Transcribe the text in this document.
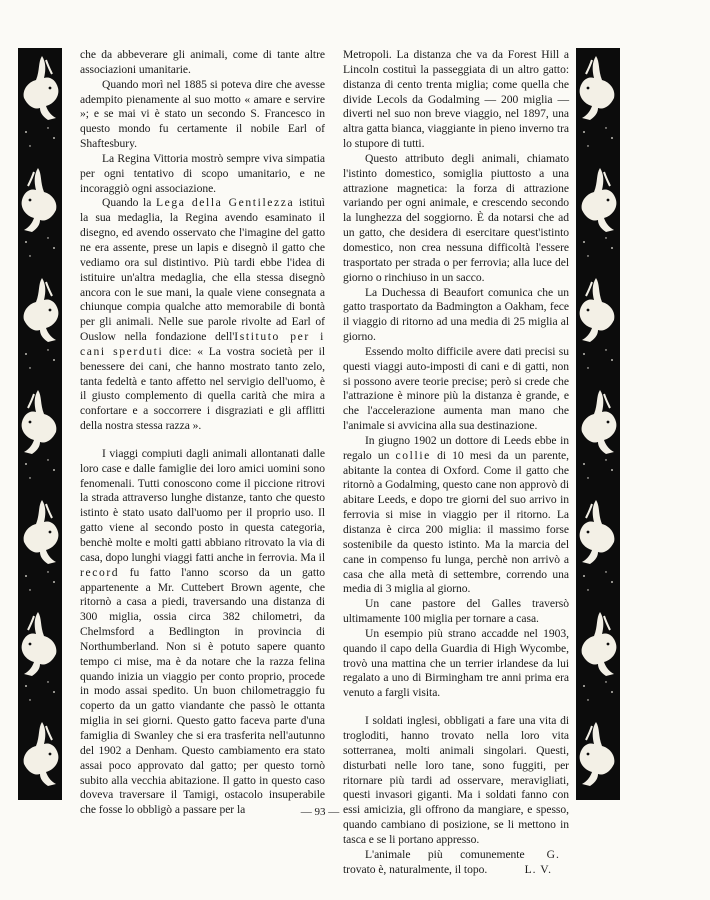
che da abbeverare gli animali, come di tante altre associazioni umanitarie.

Quando morì nel 1885 si poteva dire che avesse adempito pienamente al suo motto « amare e servire »; e se mai vi è stato un secondo S. Francesco in questo mondo fu certamente il nobile Earl of Shaftesbury.

La Regina Vittoria mostrò sempre viva simpatia per ogni tentativo di scopo umanitario, e ne incoraggiò ogni associazione.

Quando la Lega della Gentilezza istituì la sua medaglia, la Regina avendo esaminato il disegno, ed avendo osservato che l'imagine del gatto ne era assente, prese un lapis e disegnò il gatto che vediamo ora sul distintivo. Più tardi ebbe l'idea di istituire un'altra medaglia, che ella stessa disegnò ancora con le sue mani, la quale viene consegnata a chiunque compia qualche atto memorabile di bontà per gli animali. Nelle sue parole rivolte ad Earl of Ouslow nella fondazione dell'Istituto per i cani sperduti dice: « La vostra società per il benessere dei cani, che hanno mostrato tanto zelo, tanta fedeltà e tanto affetto nel servigio dell'uomo, è il giusto complemento di quella carità che mira a confortare e a soccorrere i disgraziati e gli afflitti della nostra stessa razza ».

I viaggi compiuti dagli animali allontanati dalle loro case e dalle famiglie dei loro amici uomini sono fenomenali. Tutti conoscono come il piccione ritrovi la strada attraverso lunghe distanze, tanto che questo istinto è stato usato dall'uomo per il proprio uso. Il gatto viene al secondo posto in questa categoria, benchè molte e molti gatti abbiano ritrovato la via di casa, dopo lunghi viaggi fatti anche in ferrovia. Ma il record fu fatto l'anno scorso da un gatto appartenente a Mr. Cuttebert Brown agente, che ritornò a casa a piedi, traversando una distanza di 300 miglia, ossia circa 382 chilometri, da Chelmsford a Bedlington in provincia di Northumberland. Non si è potuto sapere quanto tempo ci mise, ma è da notare che la razza felina quando inizia un viaggio per conto proprio, procede in modo assai spedito. Un buon chilometraggio fu coperto da un gatto viandante che passò le ottanta miglia in sei giorni. Questo gatto faceva parte d'una famiglia di Swanley che si era trasferita nell'autunno del 1902 a Denham. Questo cambiamento era stato assai poco approvato dal gatto; per questo tornò subito alla vecchia abitazione. Il gatto in questo caso doveva traversare il Tamigi, ostacolo insuperabile che fosse lo obbligò a passare per la

Metropoli. La distanza che va da Forest Hill a Lincoln costituì la passeggiata di un altro gatto: distanza di cento trenta miglia; come quella che divide Lecols da Godalming — 200 miglia — diverti nel suo non breve viaggio, nel 1897, una altra gatta bianca, viaggiante in pieno inverno tra lo stupore di tutti.

Questo attributo degli animali, chiamato l'istinto domestico, somiglia piuttosto a una attrazione magnetica: la forza di attrazione variando per ogni animale, e crescendo secondo la lunghezza del soggiorno. È da notarsi che ad un gatto, che desidera di esercitare quest'istinto domestico, non crea nessuna difficoltà l'essere trasportato per strada o per ferrovia; alla luce del giorno o rinchiuso in un sacco.

La Duchessa di Beaufort comunica che un gatto trasportato da Badmington a Oakham, fece il viaggio di ritorno ad una media di 25 miglia al giorno.

Essendo molto difficile avere dati precisi su questi viaggi auto-imposti di cani e di gatti, non si possono avere teorie precise; però si crede che l'attrazione è minore più la distanza è grande, e che l'accelerazione aumenta man mano che l'animale si avvicina alla sua destinazione.

In giugno 1902 un dottore di Leeds ebbe in regalo un collie di 10 mesi da un parente, abitante la contea di Oxford. Come il gatto che ritornò a Godalming, questo cane non approvò di abitare Leeds, e dopo tre giorni del suo arrivo in ferrovia si mise in viaggio per il ritorno. La distanza è circa 200 miglia: il massimo forse sostenibile da questo istinto. Ma la marcia del cane in compenso fu lunga, perchè non arrivò a casa che alla metà di settembre, correndo una media di 3 miglia al giorno.

Un cane pastore del Galles traversò ultimamente 100 miglia per tornare a casa.

Un esempio più strano accadde nel 1903, quando il capo della Guardia di High Wycombe, trovò una mattina che un terrier irlandese da lui regalato a uno di Birmingham tre anni prima era venuto a fargli visita.

I soldati inglesi, obbligati a fare una vita di trogloditi, hanno trovato nella loro vita sotterranea, molti animali singolari. Questi, disturbati nelle loro tane, sono fuggiti, per ritornare più tardi ad osservare, meravigliati, questi invasori giganti. Ma i soldati fanno con essi amicizia, gli offrono da mangiare, e spesso, quando cambiano di posizione, se li mettono in tasca e se li portano appresso.

L'animale più comunemente trovato è, naturalmente, il topo.
G. L. V.

— 93 —
